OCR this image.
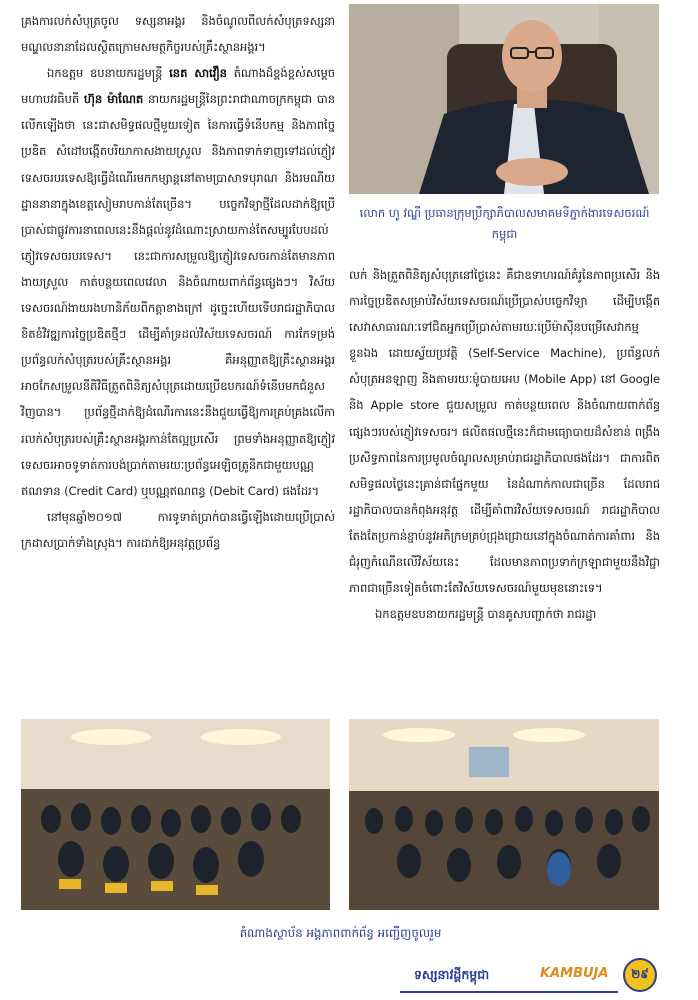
គ្រងការលក់សំបុត្រចូល ទស្សនាអង្គរ និងចំណូលពីលក់សំបុត្រទស្សនាមណ្ឌលនានាដែលស្ថិតក្រោមសមត្ថកិច្ចរបស់គ្រឹះស្ថានអង្គរ។

ឯកឧត្តម ឧបនាយករដ្ឋមន្ត្រី នេត សាវឿន តំណាងដ៏ខ្ពង់ខ្ពស់សម្តេចមហាបវរធិបតី ហ៊ុន ម៉ាណែត នាយករដ្ឋមន្ត្រីនៃព្រះរាជាណាចក្រកម្ពុជា បានលើកឡើងថា នេះជាសមិទ្ធផលថ្មីមួយទៀត នៃការធ្វើទំនើបកម្ម និងភាពច្នៃប្រឌិត សំដៅបង្កើតបរិយាកាសងាយស្រួល និងភាពទាក់ទាញទៅដល់ភ្ញៀវទេសចរបរទេសឱ្យធ្វើដំណើរមកកម្សាន្តនៅតាមប្រាសាទបុរាណ និងរមណីយដ្ឋាននានាក្នុងខេត្តសៀមរាបកាន់តែច្រើន។ បច្ចេកវិទ្យាថ្មីដែលដាក់ឱ្យប្រើប្រាស់ជាផ្លូវការនាពេលនេះនឹងផ្តល់នូវដំណោះស្រាយកាន់តែសម្បូរបែបដល់ភ្ញៀវទេសចរបរទេស។ នេះជាការសម្រួលឱ្យភ្ញៀវទេសចរកាន់តែមានភាពងាយស្រួល កាត់បន្ថយពេលវេលា និងចំណាយពាក់ព័ន្ធផ្សេងៗ។ វិស័យទេសចរណ៍ងាយរងហានិភ័យពីកត្តាខាងក្រៅ ដូច្នេះហើយទើបរាជរដ្ឋាភិបាលខិតខំវិវឌ្ឍការច្នៃប្រឌិតថ្មីៗ ដើម្បីគាំទ្រដល់វិស័យទេសចរណ៍ ការកែទម្រង់ប្រព័ន្ធលក់សំបុត្ររបស់គ្រឹះស្ថានអង្គរ គឺអនុញ្ញាតឱ្យគ្រឹះស្ថានអង្គរអាចកែសម្រួលនីតិវិធីត្រួតពិនិត្យសំបុត្រដោយប្រើឧបករណ៍ទំនើបមកជំនួសវិញបាន។ ប្រព័ន្ធថ្មីដាក់ឱ្យដំណើរការនេះនឹងជួយធ្វើឱ្យការគ្រប់គ្រងលើការលក់សំបុត្ររបស់គ្រឹះស្ថានអង្គរកាន់តែល្អប្រសើរ ព្រមទាំងអនុញ្ញាតឱ្យភ្ញៀវទេសចរអាចទូទាត់ការបង់ប្រាក់តាមរយៈប្រព័ន្ធអេឡិចត្រូនិកជាមួយបណ្ណឥណទាន (Credit Card) ឬបណ្ណឥណពន្ធ (Debit Card) ផងដែរ។

នៅមុនឆ្នាំ២០១៧ ការទូទាត់ប្រាក់បានធ្វើឡើងដោយប្រើប្រាស់ក្រដាសប្រាក់ទាំងស្រុង។ ការដាក់ឱ្យអនុវត្តប្រព័ន្ធ

លោក ហូ វណ្ឌី ប្រធានក្រុមប្រឹក្សាភិបាលសមាគមទីភ្នាក់ងារទេសចរណ៍កម្ពុជា

លក់ និងត្រួតពិនិត្យសំបុត្រនៅថ្ងៃនេះ គឺជាឧទាហរណ៍គំរូនៃភាពប្រសើរ និងការច្នៃប្រឌិតសម្រាប់វិស័យទេសចរណ៍ប្រើប្រាស់បច្ចេកវិទ្យា ដើម្បីបង្កើតសេវាសាធារណៈទៅជិតអ្នកប្រើប្រាស់តាមរយៈប្រើម៉ាស៊ីនបម្រើសេវាកម្មខ្លួនឯង ដោយស្វ័យប្រវត្តិ (Self-Service Machine), ប្រព័ន្ធលក់សំបុត្រអនឡាញ និងតាមរយៈម៉ូបាយអេប (Mobile App) នៅ Google និង Apple store ជួយសម្រួល កាត់បន្ថយពេល និងចំណាយពាក់ព័ន្ធផ្សេងៗរបស់ភ្ញៀវទេសចរ។ ផលិតផលថ្មីនេះក៏ជាមធ្យោបាយដ៏សំខាន់ ពង្រឹងប្រសិទ្ធភាពនៃការប្រមូលចំណូលសម្រាប់រាជរដ្ឋាភិបាលផងដែរ។ ជាការពិត សមិទ្ធផលថ្ងៃនេះគ្រាន់ជាផ្នែកមួយ នៃដំណាក់កាលជាច្រើន ដែលរាជរដ្ឋាភិបាលបានកំពុងអនុវត្ត ដើម្បីគាំពារវិស័យទេសចរណ៍ រាជរដ្ឋាភិបាលតែងតែប្រកាន់ខ្ជាប់នូវអភិក្រមគ្រប់ជ្រុងជ្រោយនៅក្នុងចំណាត់ការគាំពារ និងជំរុញកំណើនលើវិស័យនេះ ដែលមានភាពប្រទាក់ក្រឡាជាមួយនឹងវិជ្ជាភាពជាច្រើនទៀតចំពោះតែវិស័យទេសចរណ៍មួយមុខនោះទេ។

ឯកឧត្តមឧបនាយករដ្ឋមន្ត្រី បានគូសបញ្ជាក់ថា រាជរដ្ឋា

តំណាងស្ថាប័ន អង្គភាពពាក់ព័ន្ធ អញ្ជើញចូលរួម
ទស្សនាវដ្តីកម្ពុជា	KAMBUJA ២៩
